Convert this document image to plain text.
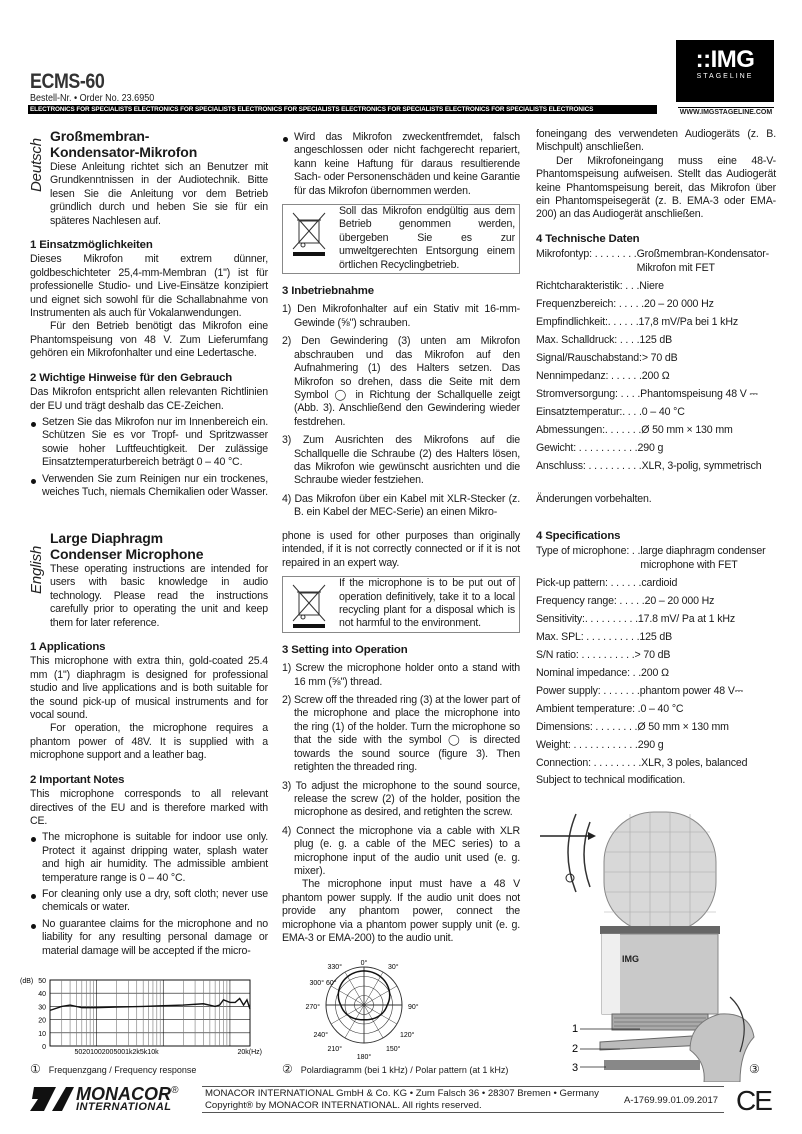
ECMS-60
Bestell-Nr. • Order No. 23.6950
ELECTRONICS FOR SPECIALISTS ELECTRONICS FOR SPECIALISTS ELECTRONICS FOR SPECIALISTS ELECTRONICS FOR SPECIALISTS ELECTRONICS FOR SPECIALISTS ELECTRONICS
::IMG
STAGELINE
WWW.IMGSTAGELINE.COM
Deutsch
Großmembran-
Kondensator-Mikrofon
Diese Anleitung richtet sich an Benutzer mit Grundkenntnissen in der Audiotechnik. Bitte lesen Sie die Anleitung vor dem Betrieb gründlich durch und heben Sie sie für ein späteres Nachlesen auf.
1 Einsatzmöglichkeiten
Dieses Mikrofon mit extrem dünner, goldbeschichteter 25,4-mm-Membran (1") ist für professionelle Studio- und Live-Einsätze konzipiert und eignet sich sowohl für die Schallabnahme von Instrumenten als auch für Vokalanwendungen.
Für den Betrieb benötigt das Mikrofon eine Phantomspeisung von 48 V. Zum Lieferumfang gehören ein Mikrofonhalter und eine Ledertasche.
2 Wichtige Hinweise für den Gebrauch
Das Mikrofon entspricht allen relevanten Richtlinien der EU und trägt deshalb das CE-Zeichen.
Setzen Sie das Mikrofon nur im Innenbereich ein. Schützen Sie es vor Tropf- und Spritzwasser sowie hoher Luftfeuchtigkeit. Der zulässige Einsatztemperaturbereich beträgt 0 – 40 °C.
Verwenden Sie zum Reinigen nur ein trockenes, weiches Tuch, niemals Chemikalien oder Wasser.
Wird das Mikrofon zweckentfremdet, falsch angeschlossen oder nicht fachgerecht repariert, kann keine Haftung für daraus resultierende Sach- oder Personenschäden und keine Garantie für das Mikrofon übernommen werden.
Soll das Mikrofon endgültig aus dem Betrieb genommen werden, übergeben Sie es zur umweltgerechten Entsorgung einem örtlichen Recyclingbetrieb.
3 Inbetriebnahme
1) Den Mikrofonhalter auf ein Stativ mit 16-mm-Gewinde (⅝") schrauben.
2) Den Gewindering (3) unten am Mikrofon abschrauben und das Mikrofon auf den Aufnahmering (1) des Halters setzen. Das Mikrofon so drehen, dass die Seite mit dem Symbol ◯ in Richtung der Schallquelle zeigt (Abb. 3). Anschließend den Gewindering wieder festdrehen.
3) Zum Ausrichten des Mikrofons auf die Schallquelle die Schraube (2) des Halters lösen, das Mikrofon wie gewünscht ausrichten und die Schraube wieder festziehen.
4) Das Mikrofon über ein Kabel mit XLR-Stecker (z. B. ein Kabel der MEC-Serie) an einen Mikro-
foneingang des verwendeten Audiogeräts (z. B. Mischpult) anschließen.
Der Mikrofoneingang muss eine 48-V-Phantomspeisung aufweisen. Stellt das Audiogerät keine Phantomspeisung bereit, das Mikrofon über ein Phantomspeisegerät (z. B. EMA-3 oder EMA-200) an das Audiogerät anschließen.
4 Technische Daten
Mikrofontyp: . . . . . . . . Großmembran-Kondensator-Mikrofon mit FET
Richtcharakteristik: . . . Niere
Frequenzbereich: . . . . . 20 – 20 000 Hz
Empfindlichkeit:. . . . . . 17,8 mV/Pa bei 1 kHz
Max. Schalldruck: . . . . 125 dB
Signal/Rauschabstand: > 70 dB
Nennimpedanz: . . . . . . 200 Ω
Stromversorgung: . . . . Phantomspeisung 48 V ⎓
Einsatztemperatur:. . . . 0 – 40 °C
Abmessungen:. . . . . . . Ø 50 mm × 130 mm
Gewicht: . . . . . . . . . . . 290 g
Anschluss: . . . . . . . . . . XLR, 3-polig, symmetrisch
Änderungen vorbehalten.
English
Large Diaphragm
Condenser Microphone
These operating instructions are intended for users with basic knowledge in audio technology. Please read the instructions carefully prior to operating the unit and keep them for later reference.
1 Applications
This microphone with extra thin, gold-coated 25.4 mm (1") diaphragm is designed for professional studio and live applications and is both suitable for the sound pick-up of musical instruments and for vocal sound.
For operation, the microphone requires a phantom power of 48V. It is supplied with a microphone support and a leather bag.
2 Important Notes
This microphone corresponds to all relevant directives of the EU and is therefore marked with CE.
The microphone is suitable for indoor use only. Protect it against dripping water, splash water and high air humidity. The admissible ambient temperature range is 0 – 40 °C.
For cleaning only use a dry, soft cloth; never use chemicals or water.
No guarantee claims for the microphone and no liability for any resulting personal damage or material damage will be accepted if the micro-
phone is used for other purposes than originally intended, if it is not correctly connected or if it is not repaired in an expert way.
If the microphone is to be put out of operation definitively, take it to a local recycling plant for a disposal which is not harmful to the environment.
3 Setting into Operation
1) Screw the microphone holder onto a stand with 16 mm (⅝") thread.
2) Screw off the threaded ring (3) at the lower part of the microphone and place the microphone into the ring (1) of the holder. Turn the microphone so that the side with the symbol ◯ is directed towards the sound source (figure 3). Then retighten the threaded ring.
3) To adjust the microphone to the sound source, release the screw (2) of the holder, position the microphone as desired, and retighten the screw.
4) Connect the microphone via a cable with XLR plug (e. g. a cable of the MEC series) to a microphone input of the audio unit used (e. g. mixer).
The microphone input must have a 48 V phantom power supply. If the audio unit does not provide any phantom power, connect the microphone via a phantom power supply unit (e. g. EMA-3 or EMA-200) to the audio unit.
4 Specifications
Type of microphone: . . large diaphragm condenser microphone with FET
Pick-up pattern: . . . . . . cardioid
Frequency range: . . . . . 20 – 20 000 Hz
Sensitivity:. . . . . . . . . . 17.8 mV/ Pa at 1 kHz
Max. SPL: . . . . . . . . . . 125 dB
S/N ratio: . . . . . . . . . . > 70 dB
Nominal impedance: . . 200 Ω
Power supply: . . . . . . . phantom power 48 V⎓
Ambient temperature: . 0 – 40 °C
Dimensions: . . . . . . . . Ø 50 mm × 130 mm
Weight: . . . . . . . . . . . . 290 g
Connection: . . . . . . . . . XLR, 3 poles, balanced
Subject to technical modification.
0
10
20
30
40
50
(dB)
50201002005001k2k5k10k	20k(Hz)
① Frequenzgang / Frequency response
0°
30°
90°
120°
150°
180°
210°
240°
270°
300° 60°
330°
② Polardiagramm (bei 1 kHz) / Polar pattern (at 1 kHz)
IMG
1
2
3	③
MONACOR®
INTERNATIONAL
MONACOR INTERNATIONAL GmbH & Co. KG • Zum Falsch 36 • 28307 Bremen • Germany
Copyright® by MONACOR INTERNATIONAL. All rights reserved.	A-1769.99.01.09.2017 CE
